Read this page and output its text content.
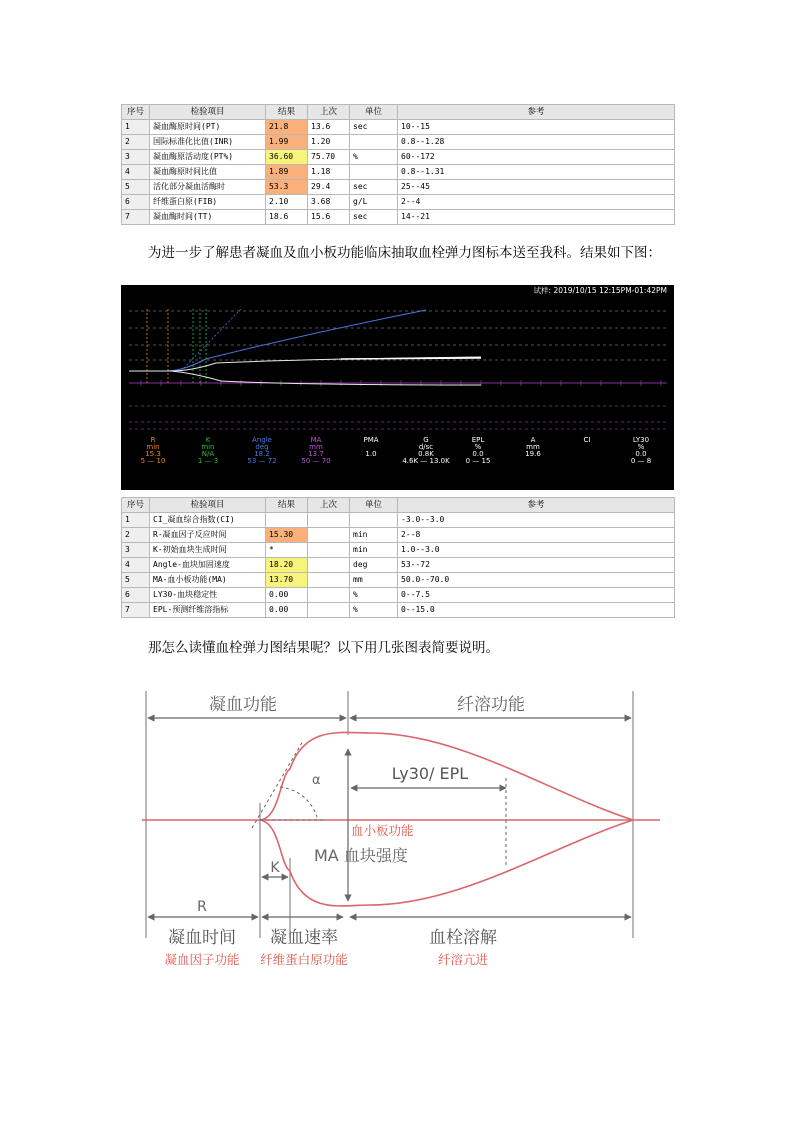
序号	检验项目	结果	上次	单位	参考
1	凝血酶原时间(PT)	21.8	13.6	sec	10--15
2	国际标准化比值(INR)	1.99	1.20		0.8--1.28
3	凝血酶原活动度(PT%)	36.60	75.70	%	60--172
4	凝血酶原时间比值	1.89	1.18		0.8--1.31
5	活化部分凝血活酶时	53.3	29.4	sec	25--45
6	纤维蛋白原(FIB)	2.10	3.68	g/L	2--4
7	凝血酶时间(TT)	18.6	15.6	sec	14--21
为进一步了解患者凝血及血小板功能临床抽取血栓弹力图标本送至我科。结果如下图：
试样: 2019/10/15 12:15PM-01:42PM
R
min
15.3
5 — 10
K
min
N/A
1 — 3
Angle
deg
18.2
53 — 72
MA
mm
13.7
50 — 70
PMA
1.0
G
d/sc
0.8K
4.6K — 13.0K
EPL
%
0.0
0 — 15
A
mm
19.6
CI	LY30
%
0.0
0 — 8
序号	检验项目	结果	上次	单位	参考
1	CI_凝血综合指数(CI)				-3.0--3.0
2	R-凝血因子反应时间	15.30		min	2--8
3	K-初始血块生成时间	*		min	1.0--3.0
4	Angle-血块加固速度	18.20		deg	53--72
5	MA-血小板功能(MA)	13.70		mm	50.0--70.0
6	LY30-血块稳定性	0.00		%	0--7.5
7	EPL-预测纤维溶指标	0.00		%	0--15.0
那怎么读懂血栓弹力图结果呢？以下用几张图表简要说明。
凝血功能	纤溶功能
α	Ly30/ EPL
血小板功能
MA 血块强度
K
R
凝血时间 凝血速率	血栓溶解
凝血因子功能 纤维蛋白原功能	纤溶亢进
